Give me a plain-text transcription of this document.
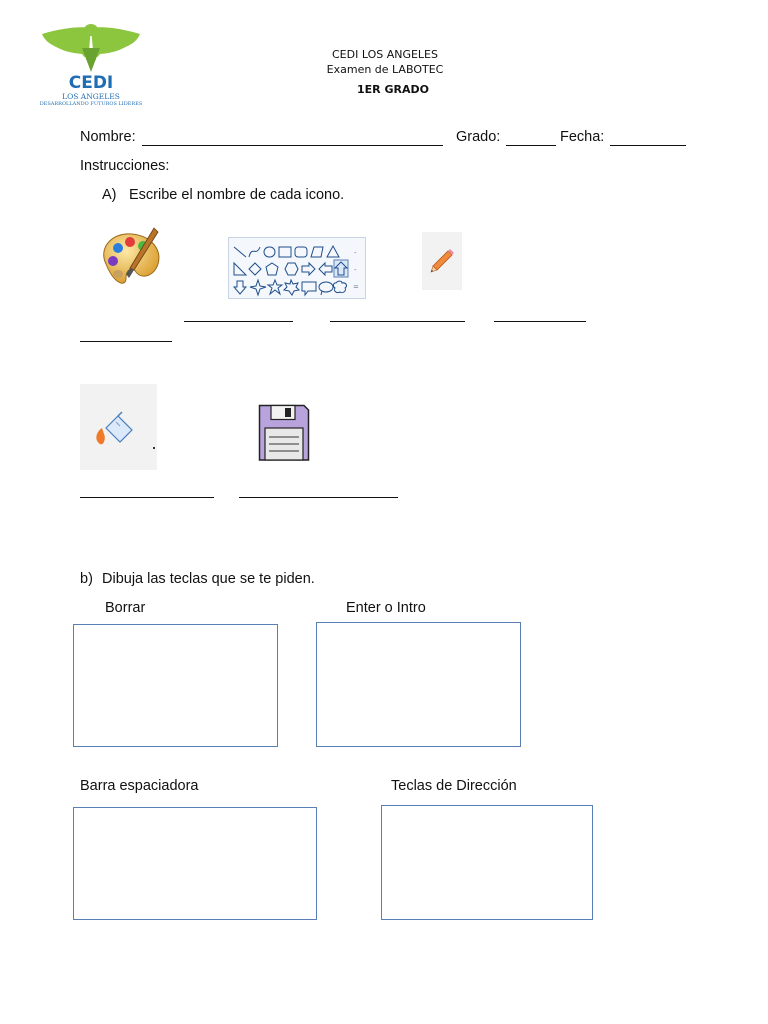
CEDI
LOS ANGELES
DESARROLLANDO FUTUROS LIDERES
CEDI LOS ANGELES
Examen de LABOTEC
1ER GRADO
Nombre:	Grado:	Fecha:
Instrucciones:
A) Escribe el nombre de cada icono.
-
-
=
b) Dibuja las teclas que se te piden.
Borrar	Enter o Intro
Barra espaciadora	Teclas de Dirección
